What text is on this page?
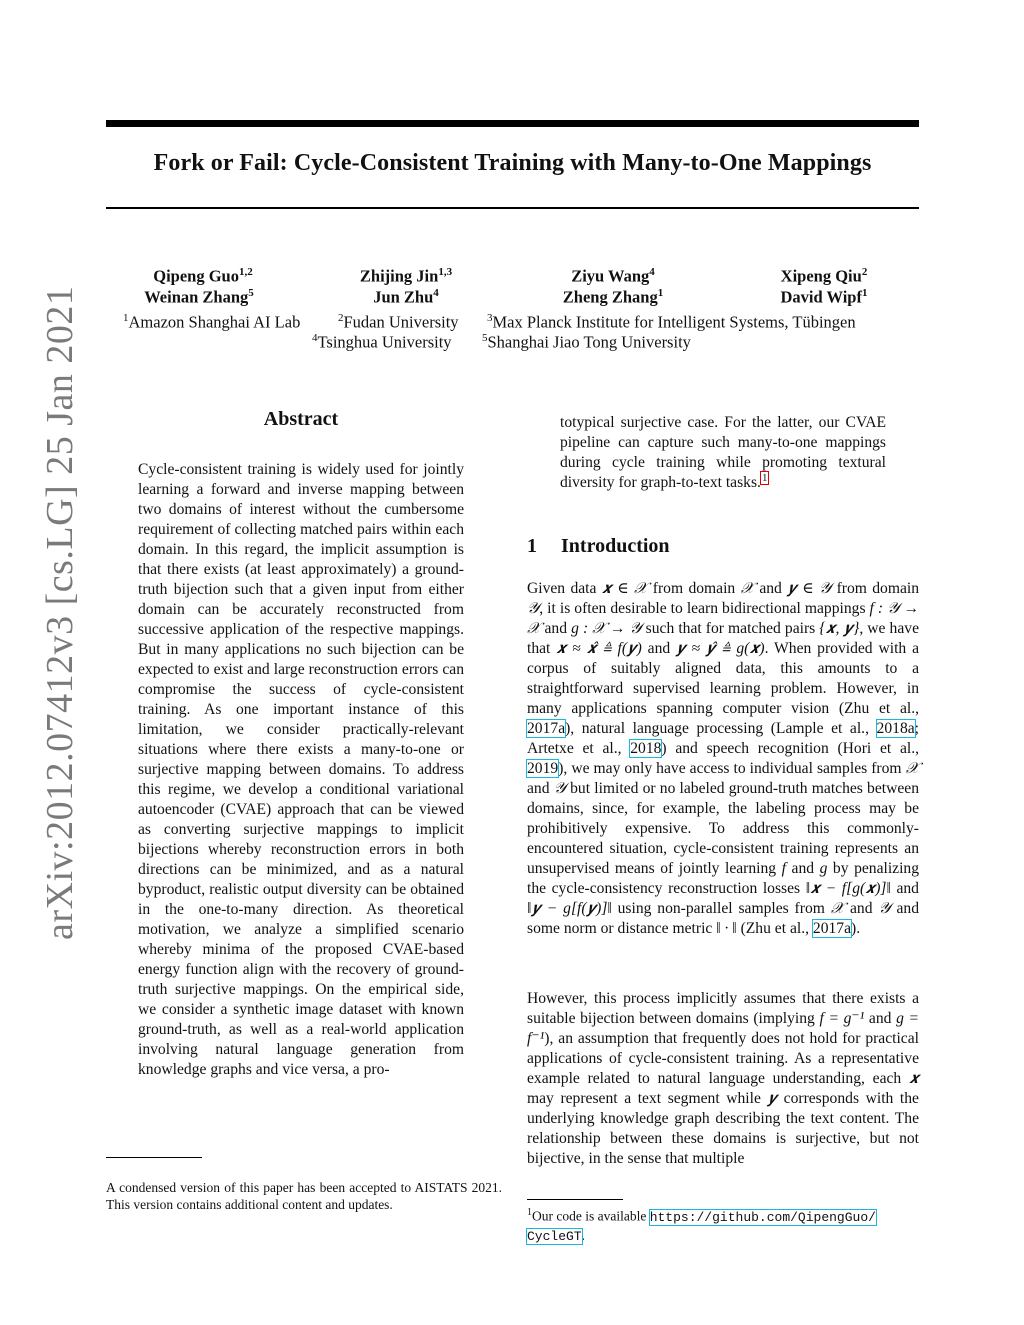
arXiv:2012.07412v3 [cs.LG] 25 Jan 2021
Fork or Fail: Cycle-Consistent Training with Many-to-One Mappings
Qipeng Guo$^{1,2}$	Zhijing Jin$^{1,3}$	Ziyu Wang$^4$	Xipeng Qiu$^2$
Weinan Zhang$^5$	Jun Zhu$^4$	Zheng Zhang$^1$	David Wipf$^1$
$^1$Amazon Shanghai AI Lab	$^2$Fudan University	$^3$Max Planck Institute for Intelligent Systems, Tübingen
$^4$Tsinghua University	$^5$Shanghai Jiao Tong University
Abstract
Cycle-consistent training is widely used for jointly learning a forward and inverse mapping between two domains of interest without the cumbersome requirement of collecting matched pairs within each domain. In this regard, the implicit assumption is that there exists (at least approximately) a ground-truth bijection such that a given input from either domain can be accurately reconstructed from successive application of the respective mappings. But in many applications no such bijection can be expected to exist and large reconstruction errors can compromise the success of cycle-consistent training. As one important instance of this limitation, we consider practically-relevant situations where there exists a many-to-one or surjective mapping between domains. To address this regime, we develop a conditional variational autoencoder (CVAE) approach that can be viewed as converting surjective mappings to implicit bijections whereby reconstruction errors in both directions can be minimized, and as a natural byproduct, realistic output diversity can be obtained in the one-to-many direction. As theoretical motivation, we analyze a simplified scenario whereby minima of the proposed CVAE-based energy function align with the recovery of ground-truth surjective mappings. On the empirical side, we consider a synthetic image dataset with known ground-truth, as well as a real-world application involving natural language generation from knowledge graphs and vice versa, a pro-
A condensed version of this paper has been accepted to AISTATS 2021. This version contains additional content and updates.
totypical surjective case. For the latter, our CVAE pipeline can capture such many-to-one mappings during cycle training while promoting textural diversity for graph-to-text tasks.$^1$
1 Introduction
Given data 𝒙 ∈ 𝒳 from domain 𝒳 and 𝒚 ∈ 𝒴 from domain 𝒴, it is often desirable to learn bidirectional mappings f : 𝒴 → 𝒳 and g : 𝒳 → 𝒴 such that for matched pairs {𝒙, 𝒚}, we have that 𝒙 ≈ 𝒙̂ ≜ f(𝒚) and 𝒚 ≈ 𝒚̂ ≜ g(𝒙). When provided with a corpus of suitably aligned data, this amounts to a straightforward supervised learning problem. However, in many applications spanning computer vision (Zhu et al., 2017a), natural language processing (Lample et al., 2018a; Artetxe et al., 2018) and speech recognition (Hori et al., 2019), we may only have access to individual samples from 𝒳 and 𝒴 but limited or no labeled ground-truth matches between domains, since, for example, the labeling process may be prohibitively expensive. To address this commonly-encountered situation, cycle-consistent training represents an unsupervised means of jointly learning f and g by penalizing the cycle-consistency reconstruction losses ‖𝒙 − f[g(𝒙)]‖ and ‖𝒚 − g[f(𝒚)]‖ using non-parallel samples from 𝒳 and 𝒴 and some norm or distance metric ‖ · ‖ (Zhu et al., 2017a).
However, this process implicitly assumes that there exists a suitable bijection between domains (implying f = g⁻¹ and g = f⁻¹), an assumption that frequently does not hold for practical applications of cycle-consistent training. As a representative example related to natural language understanding, each 𝒙 may represent a text segment while 𝒚 corresponds with the underlying knowledge graph describing the text content. The relationship between these domains is surjective, but not bijective, in the sense that multiple
$^1$Our code is available https://github.com/QipengGuo/
CycleGT.
